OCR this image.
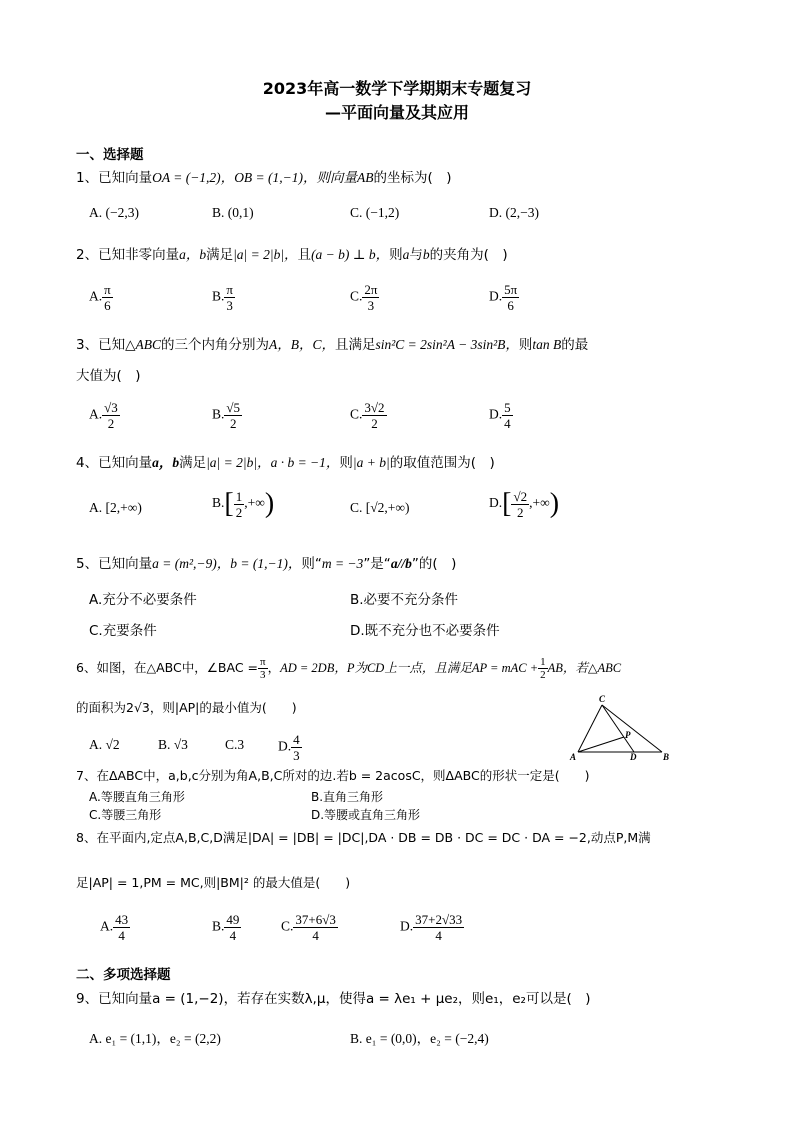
2023年高一数学下学期期末专题复习
—平面向量及其应用
一、选择题
1、已知向量OA = (−1,2)，OB = (1,−1)，则向量AB的坐标为(　)
A. (−2,3)	B. (0,1)	C. (−1,2)	D. (2,−3)
2、已知非零向量a，b满足|a| = 2|b|，且(a − b) ⊥ b，则a与b的夹角为(　)
A. $\frac{\pi}{6}$	B. $\frac{\pi}{3}$	C. $\frac{2\pi}{3}$	D. $\frac{5\pi}{6}$
3、已知△ABC的三个内角分别为A，B，C，且满足sin²C = 2sin²A − 3sin²B，则tan B的最
大值为(　)
A. $\frac{√3}{2}$	B. $\frac{√5}{2}$	C. $\frac{3√2}{2}$	D. $\frac{5}{4}$
4、已知向量a，b满足|a| = 2|b|，a · b = −1，则|a + b|的取值范围为(　)
A. [2,+∞)	$B.[ \frac{1}{2}$ ,+∞)	C. [√2,+∞)	$D.[ \frac{√2}{2}$ ,+∞)
5、已知向量a = (m²,−9)，b = (1,−1)，则“m = −3”是“a//b”的(　)
A.充分不必要条件	B.必要不充分条件
C.充要条件	D.既不充分也不必要条件
6、如图，在△ABC中，∠BAC = $\frac{\pi}{3}$ ，AD = 2DB，P为CD上一点，且满足AP = mAC + $\frac{1}{2}$ AB，若△ABC
的面积为2√3，则|AP|的最小值为(　　)
A. √2	B. √3	C.3	D. $\frac{4}{3}$
C
P
A	D	B
7、在ΔABC中，a,b,c分别为角A,B,C所对的边.若b = 2acosC，则ΔABC的形状一定是(　　)
A.等腰直角三角形	B.直角三角形
C.等腰三角形	D.等腰或直角三角形
8、在平面内,定点A,B,C,D满足|DA| = |DB| = |DC|,DA · DB = DB · DC = DC · DA = −2,动点P,M满
足|AP| = 1,PM = MC,则|BM|² 的最大值是(　　)
A. $\frac{43}{4}$	B. $\frac{49}{4}$	C. $\frac{37+6√3}{4}$	D. $\frac{37+2√33}{4}$
二、多项选择题
9、已知向量a = (1,−2)，若存在实数λ,μ，使得a = λe₁ + μe₂，则e₁，e₂可以是(　)
A. e₁ = (1,1)，e₂ = (2,2)	B. e₁ = (0,0)，e₂ = (−2,4)
